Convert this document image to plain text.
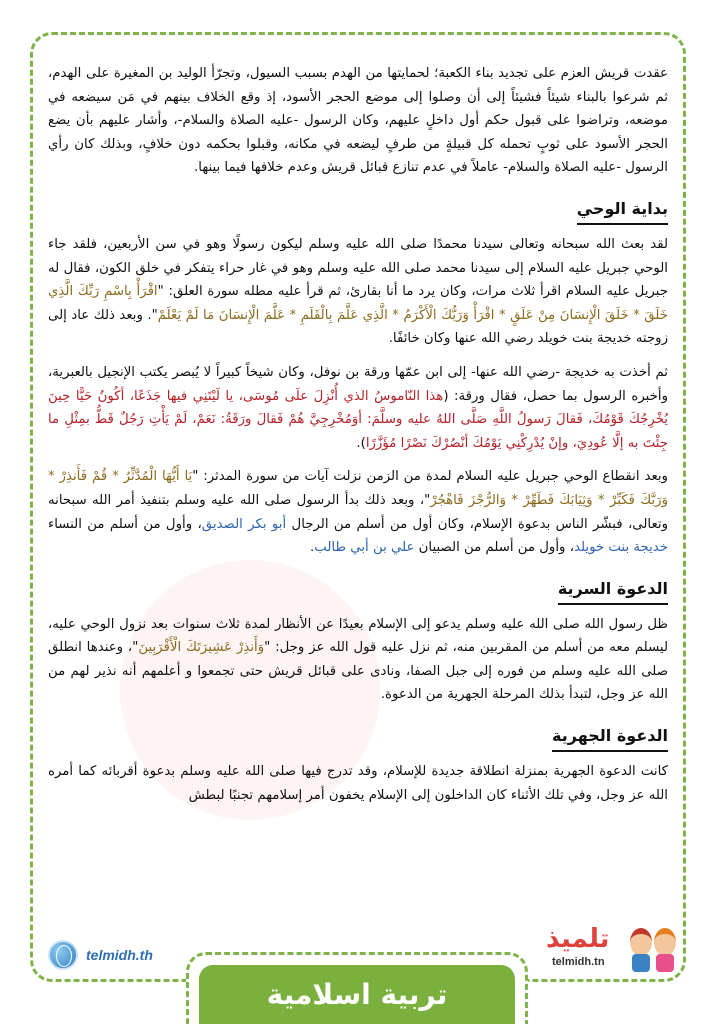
عقدت قريش العزم على تجديد بناء الكعبة؛ لحمايتها من الهدم بسبب السيول، وتجرّأ الوليد بن المغيرة على الهدم، ثم شرعوا بالبناء شيئاً فشيئاً إلى أن وصلوا إلى موضع الحجر الأسود، إذ وقع الخلاف بينهم في مَن سيضعه في موضعه، وتراضوا على قبول حكم أول داخلٍ عليهم، وكان الرسول -عليه الصلاة والسلام-، وأشار عليهم بأن يضع الحجر الأسود على ثوبٍ تحمله كل قبيلةٍ من طرفٍ ليضعه في مكانه، وقبلوا بحكمه دون خلافٍ، وبذلك كان رأي الرسول -عليه الصلاة والسلام- عاملاً في عدم تنازع قبائل قريش وعدم خلافها فيما بينها.

بداية الوحي

لقد بعث الله سبحانه وتعالى سيدنا محمدًا صلى الله عليه وسلم ليكون رسولًا وهو في سن الأربعين، فلقد جاء الوحي جبريل عليه السلام إلى سيدنا محمد صلى الله عليه وسلم وهو في غار حراء يتفكر في خلق الكون، فقال له جبريل عليه السلام اقرأ ثلاث مرات، وكان يرد ما أنا بقارئ، ثم قرأ عليه مطله سورة العلق: "اقْرَأْ بِاسْمِ رَبِّكَ الَّذِي خَلَقَ * خَلَقَ الْإِنسَانَ مِنْ عَلَقٍ * اقْرَأْ وَرَبُّكَ الْأَكْرَمُ * الَّذِي عَلَّمَ بِالْقَلَمِ * عَلَّمَ الْإِنسَانَ مَا لَمْ يَعْلَمْ". وبعد ذلك عاد إلى زوجته خديجة بنت خويلد رضي الله عنها وكان خائفًا.

ثم أخذت به خديجة -رضي الله عنها- إلى ابن عمّها ورقة بن نوفل، وكان شيخاً كبيراً لا يُبصر يكتب الإنجيل بالعبرية، وأخبره الرسول بما حصل، فقال ورقة: (هذا النّاموسُ الذي أُنْزِلَ علَى مُوسَى، يا لَيْتَنِي فيها جَذَعًا، أكُونُ حَيًّا حِينَ يُخْرِجُكَ قَوْمُكَ، فَقالَ رَسولُ اللَّهِ صَلَّى اللهُ عليه وسلَّمَ: أوَمُخْرِجِيَّ هُمْ فَقالَ ورَقَةُ: نَعَمْ، لَمْ يَأْتِ رَجُلٌ قَطُّ بمِثْلِ ما جِئْتَ به إلَّا عُودِيَ، وإنْ يُدْرِكْنِي يَوْمُكَ أنْصُرْكَ نَصْرًا مُؤَزَّرًا).

وبعد انقطاع الوحي جبريل عليه السلام لمدة من الزمن نزلت آيات من سورة المدثر: "يَا أَيُّهَا الْمُدَّثِّرُ * قُمْ فَأَنذِرْ * وَرَبَّكَ فَكَبِّرْ * وَثِيَابَكَ فَطَهِّرْ * وَالرُّجْزَ فَاهْجُرْ"، وبعد ذلك بدأ الرسول صلى الله عليه وسلم بتنفيذ أمر الله سبحانه وتعالى، فبشّر الناس بدعوة الإسلام، وكان أول من أسلم من الرجال أبو بكر الصديق، وأول من أسلم من النساء خديجة بنت خويلد، وأول من أسلم من الصبيان علي بن أبي طالب.

الدعوة السرية

ظل رسول الله صلى الله عليه وسلم يدعو إلى الإسلام بعيدًا عن الأنظار لمدة ثلاث سنوات بعد نزول الوحي عليه، ليسلم معه من أسلم من المقربين منه، ثم نزل عليه قول الله عز وجل: "وَأَنذِرْ عَشِيرَتَكَ الْأَقْرَبِينَ"، وعندها انطلق صلى الله عليه وسلم من فوره إلى جبل الصفا، ونادى على قبائل قريش حتى تجمعوا و أعلمهم أنه نذير لهم من الله عز وجل، لتبدأ بذلك المرحلة الجهرية من الدعوة.

الدعوة الجهرية

كانت الدعوة الجهرية بمنزلة انطلاقة جديدة للإسلام، وقد تدرج فيها صلى الله عليه وسلم بدعوة أقربائه كما أمره الله عز وجل، وفي تلك الأثناء كان الداخلون إلى الإسلام يخفون أمر إسلامهم تجنبًا لبطش

telmidh.th
تلميذ
telmidh.tn
تربية اسلامية
